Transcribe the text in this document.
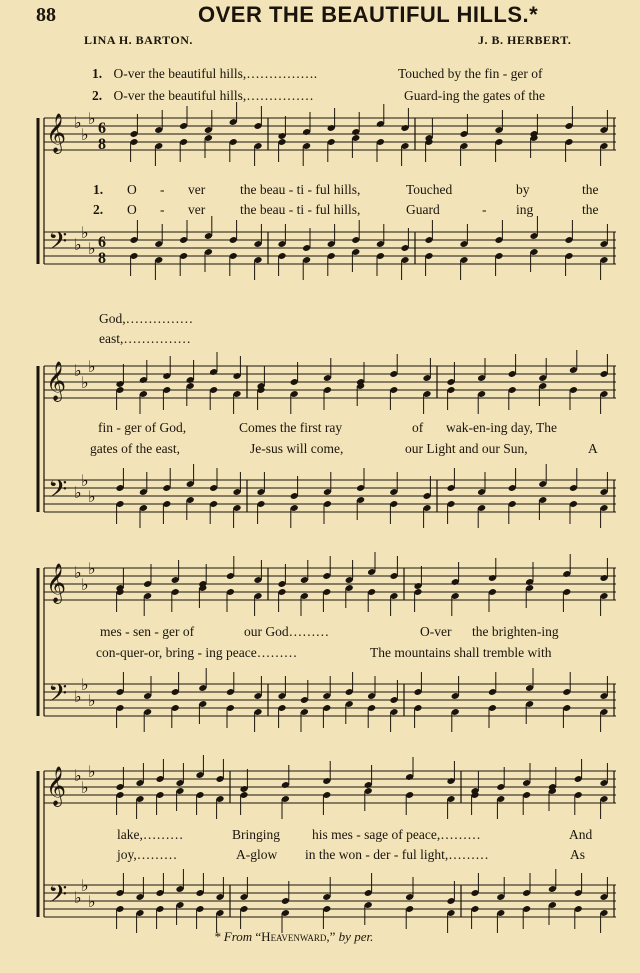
88	OVER THE BEAUTIFUL HILLS.*
LINA H. BARTON.	J. B. HERBERT.
1. O-ver the beautiful hills,…………….	Touched by the fin - ger of
2. O-ver the beautiful hills,……………	Guard-ing the gates of the
1. O - ver	the beau - ti - ful hills,	Touched	by	the
2. O - ver	the beau - ti - ful hills,	Guard	- ing	the
God,……………
east,……………
fin - ger of God,	Comes the first ray	of wak-en-ing day, The
gates of the east,	Je-sus will come,	our Light and our Sun,	A
mes - sen - ger of	our God………	O-ver the brighten-ing
con-quer-or, bring - ing peace………	The mountains shall tremble with
lake,………	Bringing his mes - sage of peace,………	And
joy,………	A-glow in the won - der - ful light,………	As
* From “Heavenward,” by per.
𝄞
𝄢
♭
♭
♭
♭
♭
♭
6
8
6
8
𝄞
𝄢
♭
♭
♭
♭
♭
♭
𝄞
𝄢
♭
♭
♭
♭
♭
♭
𝄞
𝄢
♭
♭
♭
♭
♭
♭
